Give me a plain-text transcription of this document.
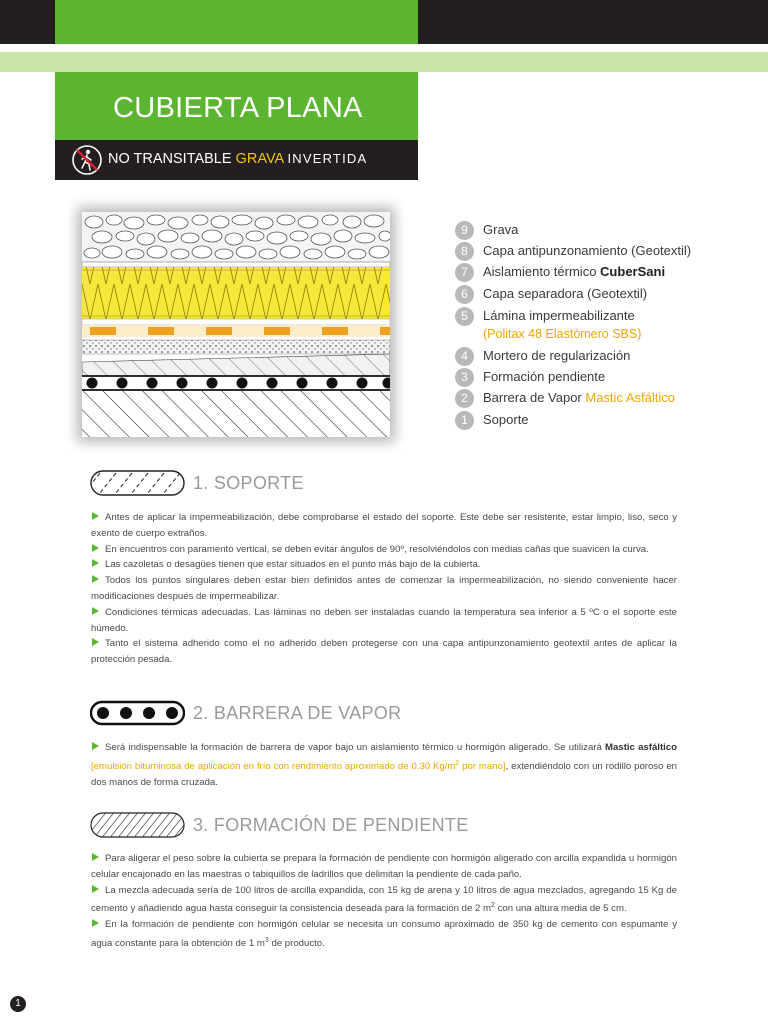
CUBIERTA PLANA
NO TRANSITABLE GRAVA INVERTIDA
9	Grava
8	Capa antipunzonamiento (Geotextil)
7	Aislamiento térmico CuberSani
6	Capa separadora (Geotextil)
5	Lámina impermeabilizante
(Politax 48 Elastómero SBS)
4	Mortero de regularización
3	Formación pendiente
2	Barrera de Vapor Mastic Asfáltico
1	Soporte
1. SOPORTE

Antes de aplicar la impermeabilización, debe comprobarse el estado del soporte. Este debe ser resistente, estar limpio, liso, seco y exento de cuerpo extraños.

En encuentros con paramento vertical, se deben evitar ángulos de 90º, resolviéndolos con medias cañas que suavicen la curva.

Las cazoletas o desagües tienen que estar situados en el punto más bajo de la cubierta.

Todos los puntos singulares deben estar bien definidos antes de comenzar la impermeabilización, no siendo conveniente hacer modificaciones después de impermeabilizar.

Condiciones térmicas adecuadas. Las láminas no deben ser instaladas cuando la temperatura sea inferior a 5 ºC o el soporte este húmedo.

Tanto el sistema adherido como el no adherido deben protegerse con una capa antipunzonamiento geotextil antes de aplicar la protección pesada.

2. BARRERA DE VAPOR

Será indispensable la formación de barrera de vapor bajo un aislamiento térmico u hormigón aligerado. Se utilizará Mastic asfáltico [emulsión bituminosa de aplicación en frío con rendimiento aproximado de 0.30 $Kg/m^2$ por mano], extendiéndolo con un rodillo poroso en dos manos de forma cruzada.

3. FORMACIÓN DE PENDIENTE

Para aligerar el peso sobre la cubierta se prepara la formación de pendiente con hormigón aligerado con arcilla expandida u hormigón celular encajonado en las maestras o tabiquillos de ladrillos que delimitan la pendiente de cada paño.

La mezcla adecuada sería de 100 litros de arcilla expandida, con 15 kg de arena y 10 litros de agua mezclados, agregando 15 Kg de cemento y añadiendo agua hasta conseguir la consistencia deseada para la formación de 2 $m^2$ con una altura media de 5 cm.

En la formación de pendiente con hormigón celular se necesita un consumo aproximado de 350 kg de cemento con espumante y agua constante para la obtención de 1 $m^3$ de producto.

1
